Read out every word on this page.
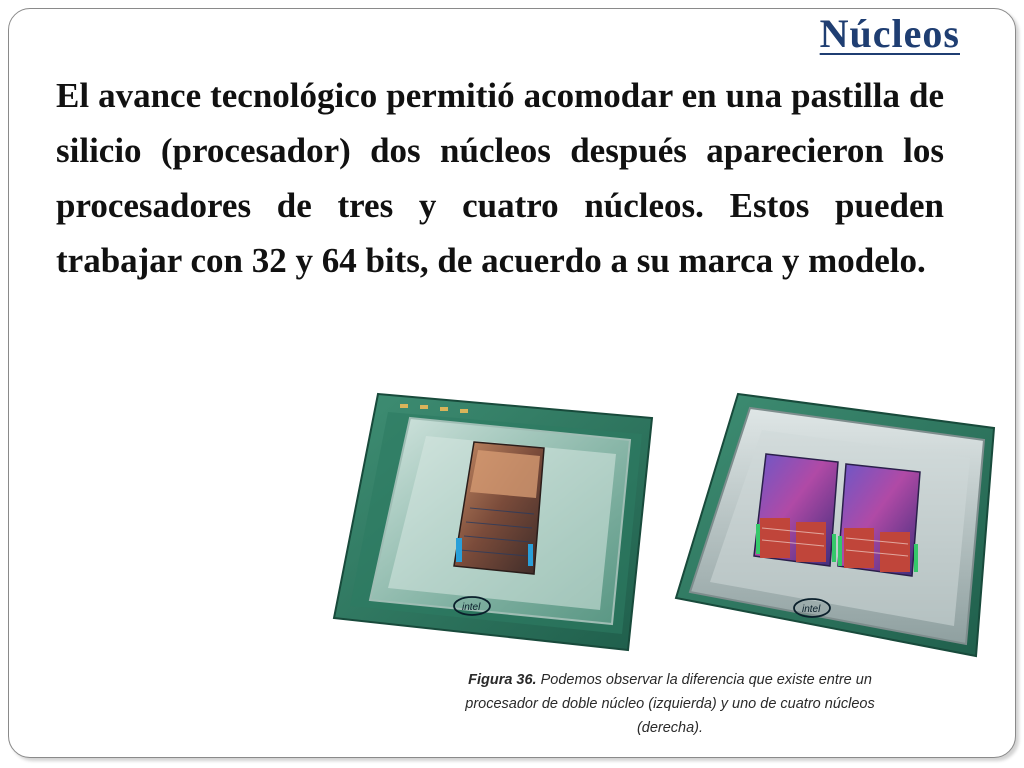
Núcleos
El avance tecnológico permitió acomodar en una pastilla de silicio (procesador) dos núcleos después aparecieron los procesadores de tres y cuatro núcleos. Estos pueden trabajar con 32 y 64 bits, de acuerdo a su marca y modelo.
intel	intel
Figura 36. Podemos observar la diferencia que existe entre un procesador de doble núcleo (izquierda) y uno de cuatro núcleos (derecha).
